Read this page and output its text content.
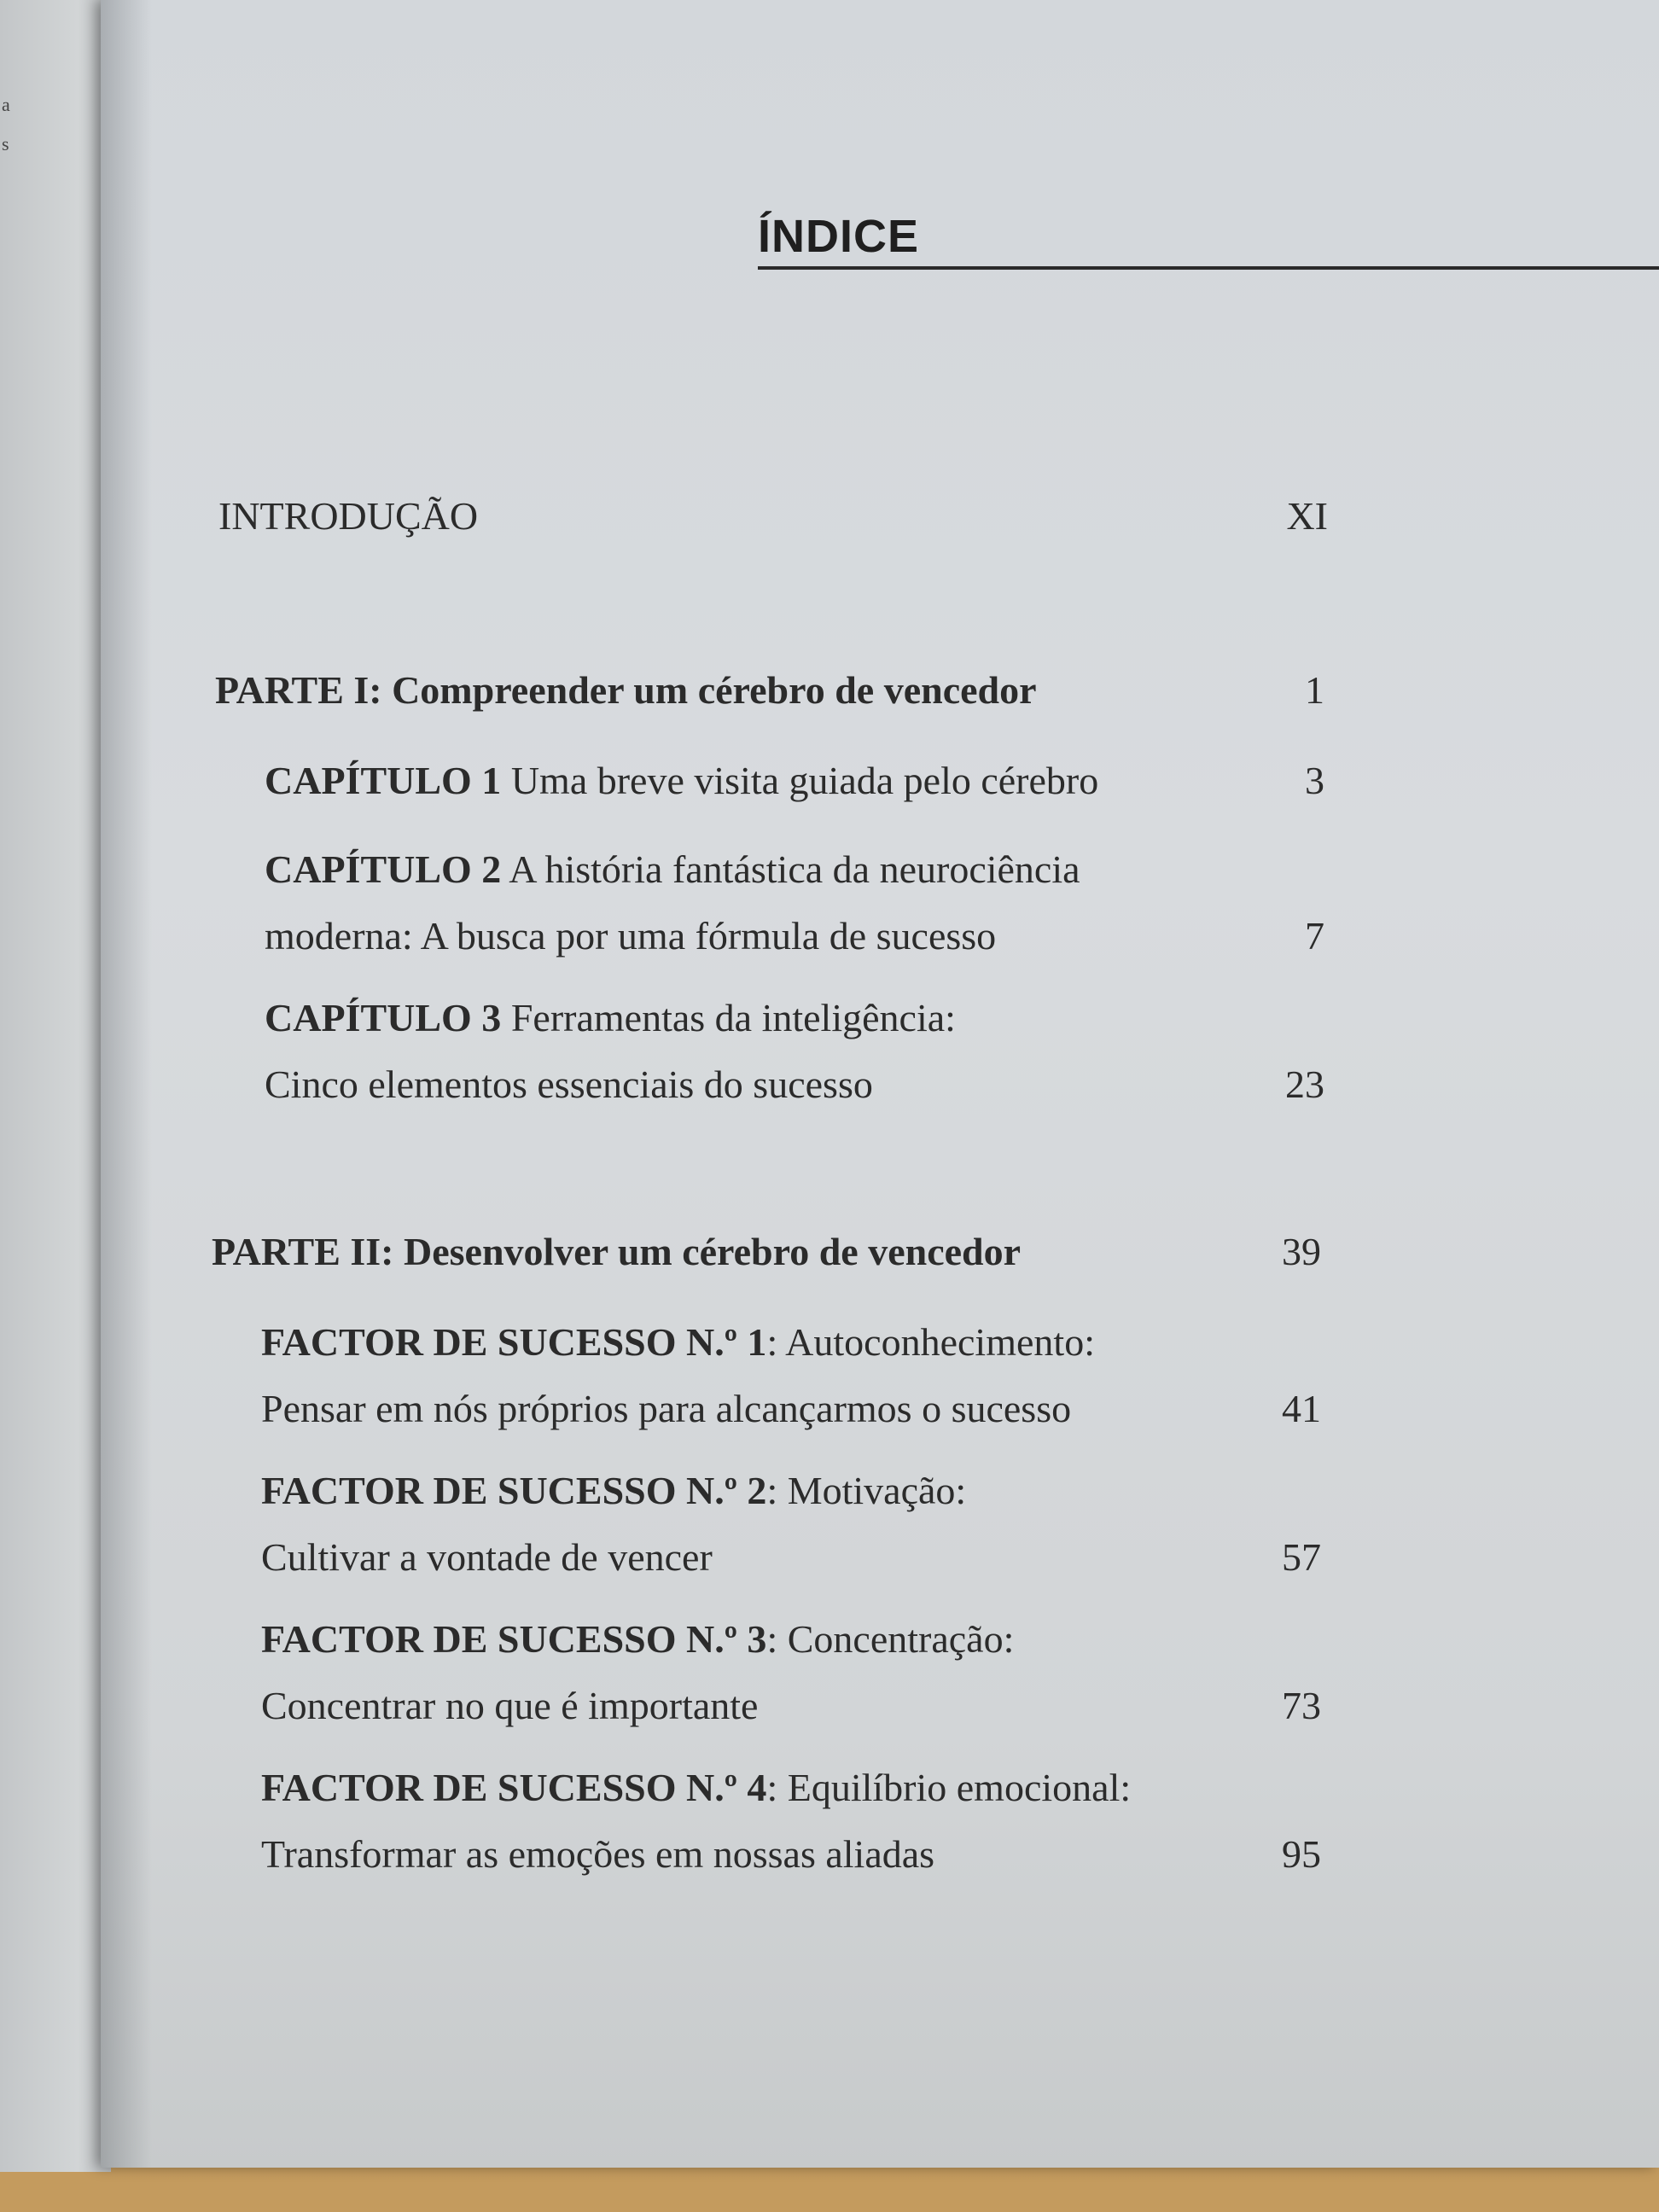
a
s
ÍNDICE
INTRODUÇÃO	XI
PARTE I: Compreender um cérebro de vencedor	1
CAPÍTULO 1 Uma breve visita guiada pelo cérebro	3
CAPÍTULO 2 A história fantástica da neurociência
moderna: A busca por uma fórmula de sucesso	7
CAPÍTULO 3 Ferramentas da inteligência:
Cinco elementos essenciais do sucesso	23
PARTE II: Desenvolver um cérebro de vencedor	39
FACTOR DE SUCESSO N.º 1: Autoconhecimento:
Pensar em nós próprios para alcançarmos o sucesso	41
FACTOR DE SUCESSO N.º 2: Motivação:
Cultivar a vontade de vencer	57
FACTOR DE SUCESSO N.º 3: Concentração:
Concentrar no que é importante	73
FACTOR DE SUCESSO N.º 4: Equilíbrio emocional:
Transformar as emoções em nossas aliadas	95
